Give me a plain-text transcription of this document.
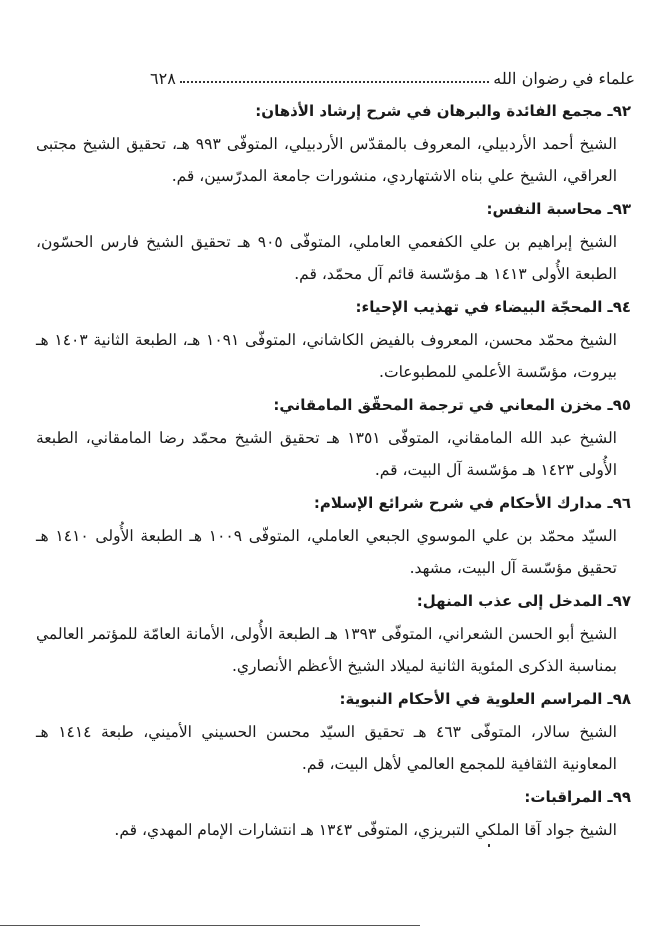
علماء في رضوان الله
٦٢٨
٩٢ـ مجمع الفائدة والبرهان في شرح إرشاد الأذهان:
الشيخ أحمد الأردبيلي، المعروف بالمقدّس الأردبيلي، المتوفّى ٩٩٣ هـ، تحقيق الشيخ مجتبى العراقي، الشيخ علي بناه الاشتهاردي، منشورات جامعة المدرّسين، قم.
٩٣ـ محاسبة النفس:
الشيخ إبراهيم بن علي الكفعمي العاملي، المتوفّى ٩٠٥ هـ تحقيق الشيخ فارس الحسّون، الطبعة الأُولى ١٤١٣ هـ مؤسّسة قائم آل محمّد، قم.
٩٤ـ المحجّة البيضاء في تهذيب الإحياء:
الشيخ محمّد محسن، المعروف بالفيض الكاشاني، المتوفّى ١٠٩١ هـ، الطبعة الثانية ١٤٠٣ هـ بيروت، مؤسّسة الأعلمي للمطبوعات.
٩٥ـ مخزن المعاني في ترجمة المحقّق المامقاني:
الشيخ عبد الله المامقاني، المتوفّى ١٣٥١ هـ تحقيق الشيخ محمّد رضا المامقاني، الطبعة الأُولى ١٤٢٣ هـ مؤسّسة آل البيت، قم.
٩٦ـ مدارك الأحكام في شرح شرائع الإسلام:
السيّد محمّد بن علي الموسوي الجبعي العاملي، المتوفّى ١٠٠٩ هـ الطبعة الأُولى ١٤١٠ هـ تحقيق مؤسّسة آل البيت، مشهد.
٩٧ـ المدخل إلى عذب المنهل:
الشيخ أبو الحسن الشعراني، المتوفّى ١٣٩٣ هـ الطبعة الأُولى، الأمانة العامّة للمؤتمر العالمي بمناسبة الذكرى المئوية الثانية لميلاد الشيخ الأعظم الأنصاري.
٩٨ـ المراسم العلوية في الأحكام النبوية:
الشيخ سالار، المتوفّى ٤٦٣ هـ تحقيق السيّد محسن الحسيني الأميني، طبعة ١٤١٤ هـ المعاونية الثقافية للمجمع العالمي لأهل البيت، قم.
٩٩ـ المراقبات:
الشيخ جواد آقا الملكي التبريزي، المتوفّى ١٣٤٣ هـ انتشارات الإمام المهدي، قم.
